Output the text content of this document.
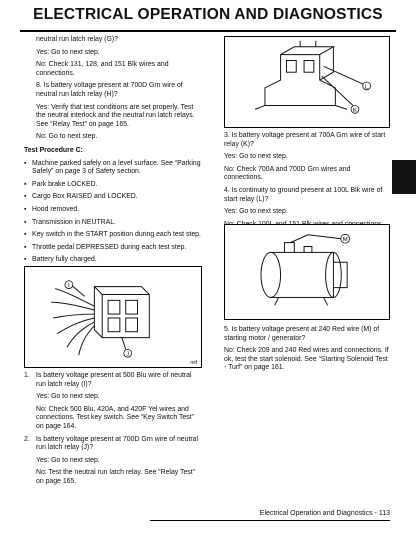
ELECTRICAL OPERATION AND DIAGNOSTICS
neutral run latch relay (G)?
Yes: Go to next step.
No: Check 131, 128, and 151 Blk wires and connections.
8. Is battery voltage present at 700D Grn wire of neutral run latch relay (H)?
Yes: Verify that test conditions are set properly. Test the neutral interlock and the neutral run latch relays. See “Relay Test” on page 165.
No: Go to next step.
Test Procedure C:
▪ Machine parked safely on a level surface. See “Parking Safely” on page 3 of Safety section.
▪ Park brake LOCKED.
▪ Cargo Box RAISED and LOCKED.
▪ Hood removed.
▪ Transmission in NEUTRAL.
▪ Key switch in the START position during each test step.
▪ Throttle pedal DEPRESSED during each test step.
▪ Battery fully charged.
I
J
mif
1. Is battery voltage present at 500 Blu wire of neutral run latch relay (I)?
Yes: Go to next step.
No: Check 500 Blu, 420A, and 420F Yel wires and connections. Test key switch. See “Key Switch Test” on page 164.
2. Is battery voltage present at 700D Grn wire of neutral run latch relay (J)?
Yes: Go to next step.
No: Test the neutral run latch relay. See “Relay Test” on page 165.
L
K
3. Is battery voltage present at 700A Grn wire of start relay (K)?
Yes: Go to next step.
No: Check 700A and 700D Grn wires and connections.
4. Is continuity to ground present at 100L Blk wire of start relay (L)?
Yes: Go to next step.
M
5. Is battery voltage present at 240 Red wire (M) of starting motor / generator?
No: Check 209 and 240 Red wires and connections. If ok, test the start solenoid. See “Starting Solenoid Test - Turf” on page 161.
Electrical Operation and Diagnostics - 113
